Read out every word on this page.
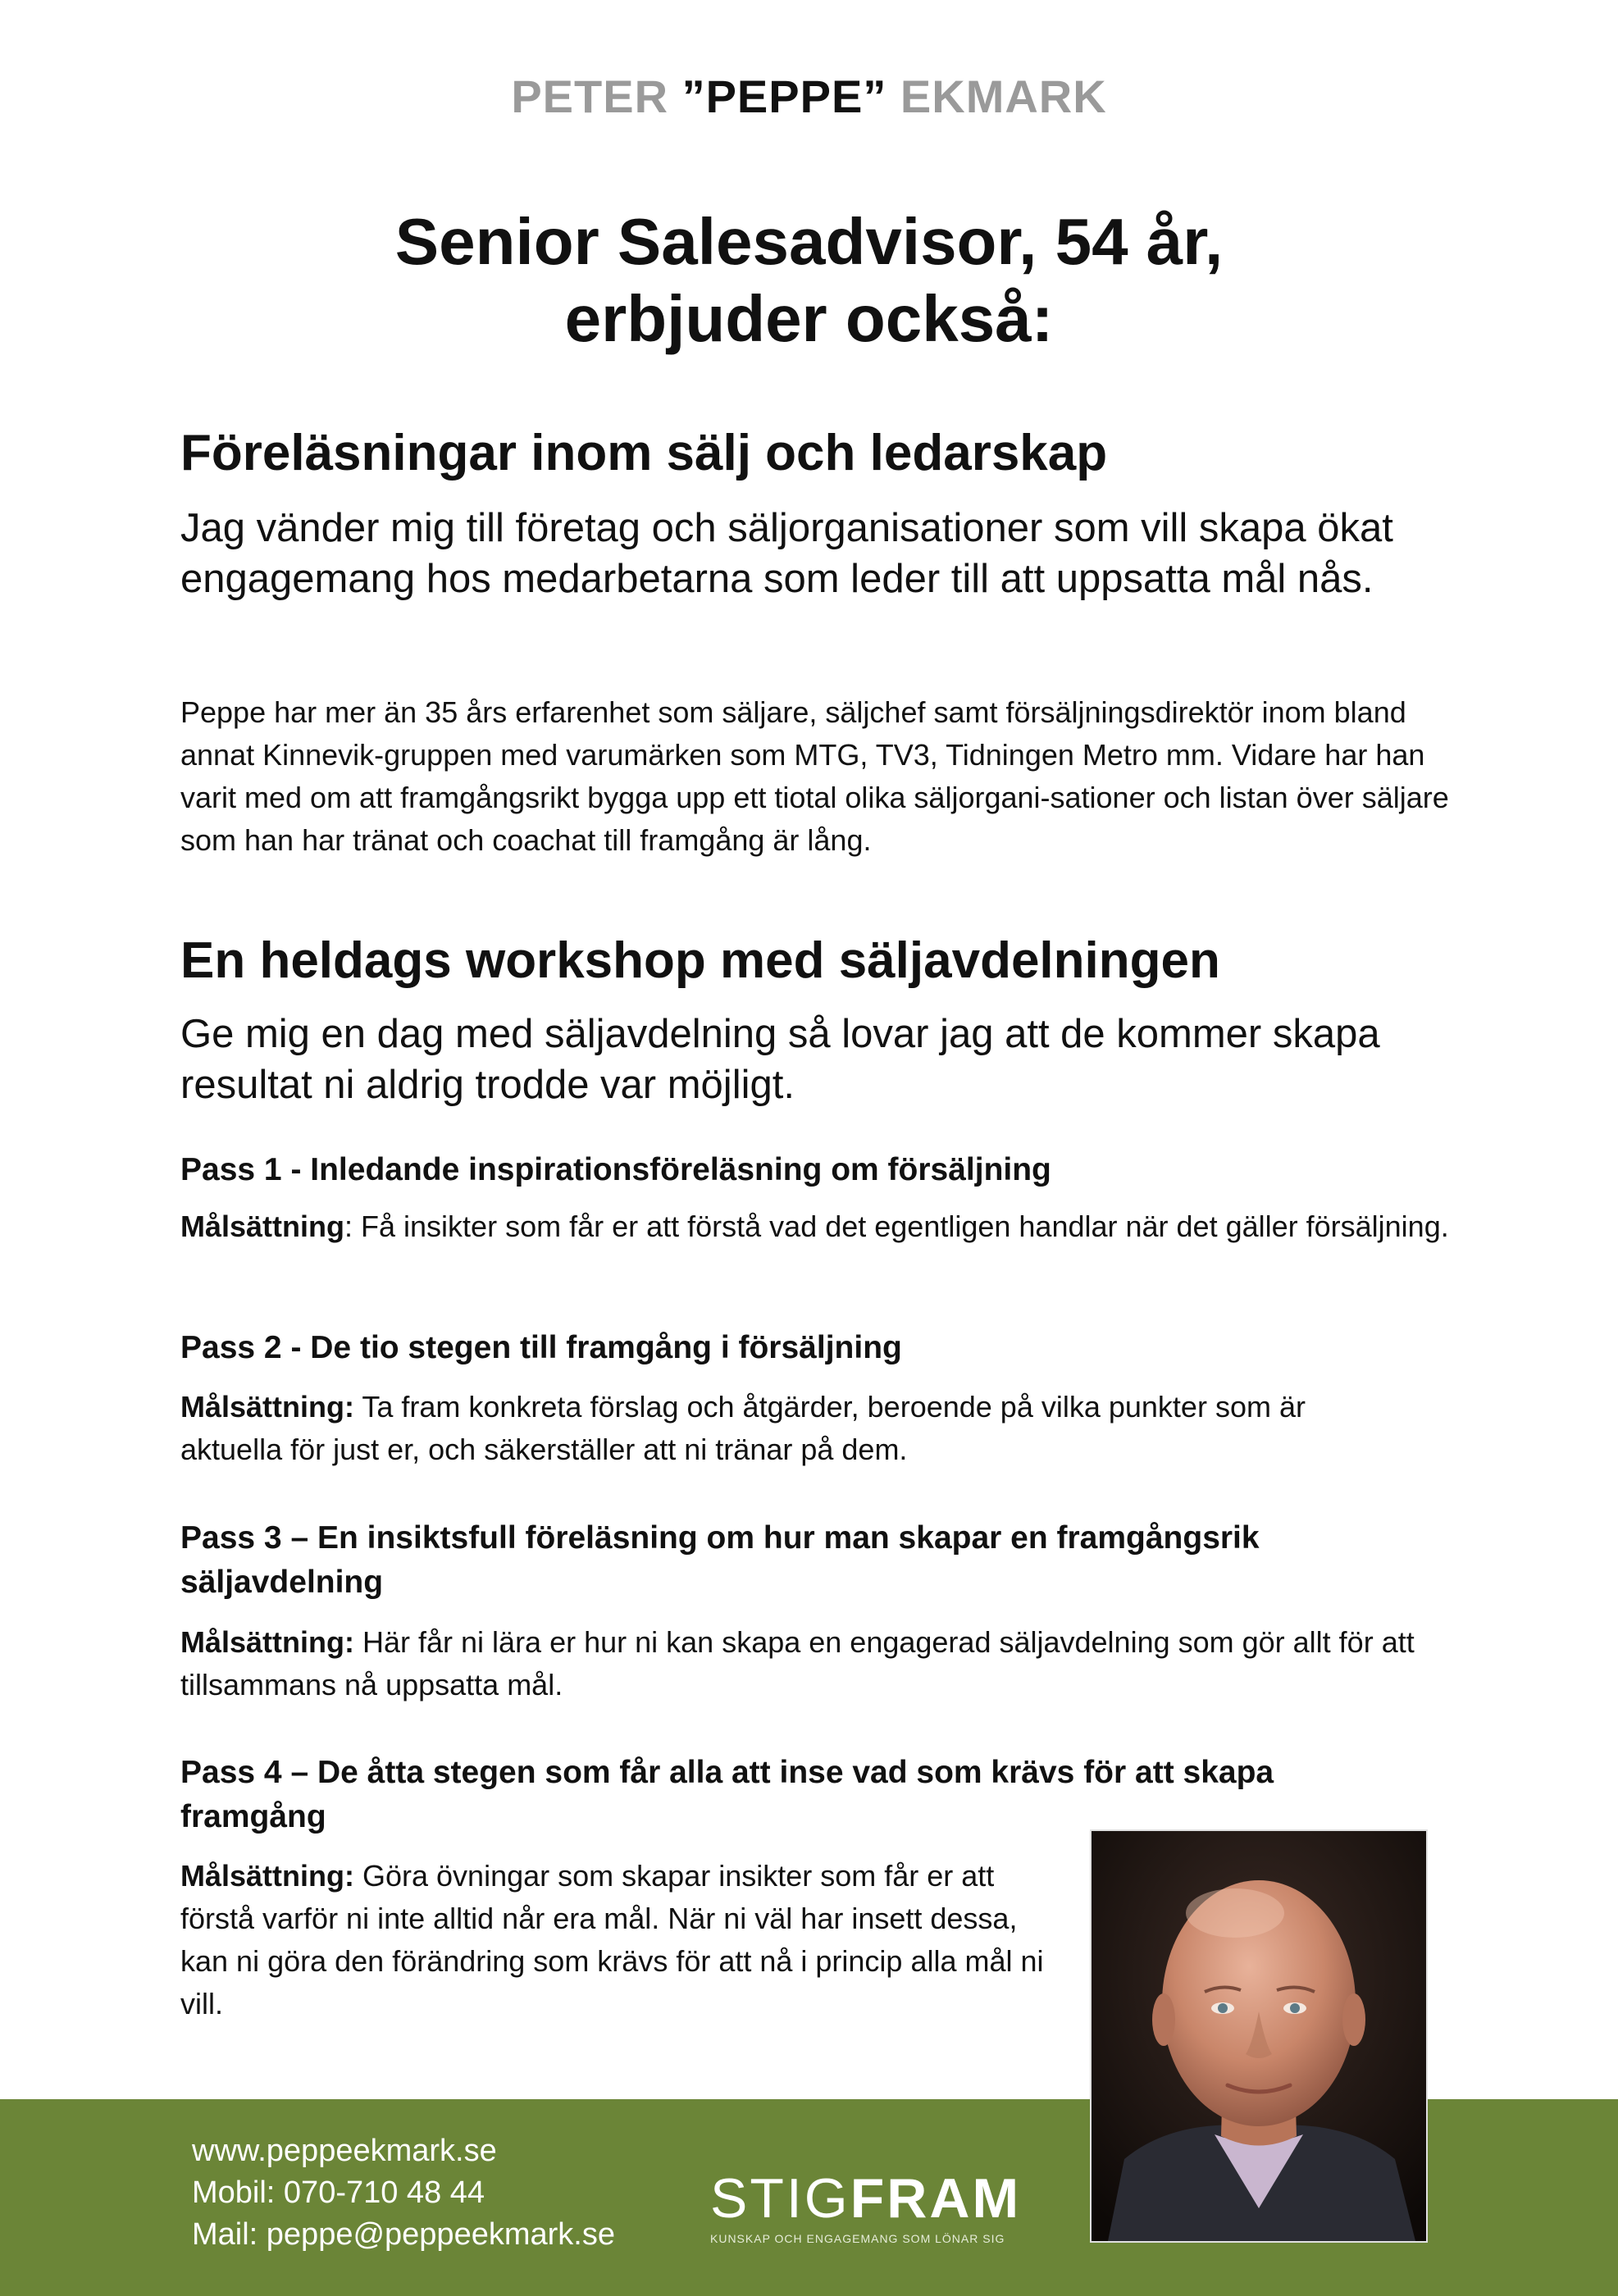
PETER ”PEPPE” EKMARK
Senior Salesadvisor, 54 år,
erbjuder också:
Föreläsningar inom sälj och ledarskap
Jag vänder mig till företag och säljorganisationer som vill skapa ökat engagemang hos medarbetarna som leder till att uppsatta mål nås.
Peppe har mer än 35 års erfarenhet som säljare, säljchef samt försäljningsdirektör inom bland annat Kinnevik-gruppen med varumärken som MTG, TV3, Tidningen Metro mm. Vidare har han varit med om att framgångsrikt bygga upp ett tiotal olika säljorgani-sationer och listan över säljare som han har tränat och coachat till framgång är lång.
En heldags workshop med säljavdelningen
Ge mig en dag med säljavdelning så lovar jag att de kommer skapa resultat ni aldrig trodde var möjligt.
Pass 1 - Inledande inspirationsföreläsning om försäljning
Målsättning: Få insikter som får er att förstå vad det egentligen handlar när det gäller försäljning.
Pass 2 - De tio stegen till framgång i försäljning
Målsättning: Ta fram konkreta förslag och åtgärder, beroende på vilka punkter som är aktuella för just er, och säkerställer att ni tränar på dem.
Pass 3 – En insiktsfull föreläsning om hur man skapar en framgångsrik säljavdelning
Målsättning: Här får ni lära er hur ni kan skapa en engagerad säljavdelning som gör allt för att tillsammans nå uppsatta mål.
Pass 4 – De åtta stegen som får alla att inse vad som krävs för att skapa framgång
Målsättning: Göra övningar som skapar insikter som får er att förstå varför ni inte alltid når era mål. När ni väl har insett dessa, kan ni göra den förändring som krävs för att nå i princip alla mål ni vill.
www.peppeekmark.se
Mobil: 070-710 48 44
Mail: peppe@peppeekmark.se
STIGFRAM
KUNSKAP OCH ENGAGEMANG SOM LÖNAR SIG
